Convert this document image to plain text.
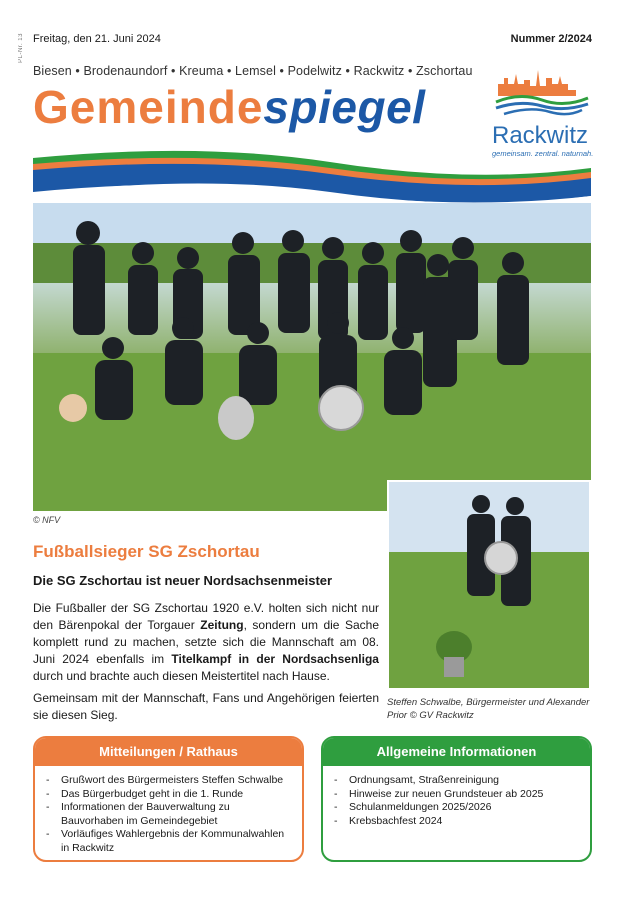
PL-Nr. 13 Freitag, den 21. Juni 2024	Nummer 2/2024
Biesen • Brodenaundorf • Kreuma • Lemsel • Podelwitz • Rackwitz • Zschortau
Gemeindespiegel
Rackwitz
gemeinsam. zentral. naturnah.
© NFV
Steffen Schwalbe, Bürgermeister und Alexander Prior © GV Rackwitz
Fußballsieger SG Zschortau
Die SG Zschortau ist neuer Nordsachsenmeister
Die Fußballer der SG Zschortau 1920 e.V. holten sich nicht nur den Bärenpokal der Torgauer Zeitung, sondern um die Sache komplett rund zu machen, setzte sich die Mannschaft am 08. Juni 2024 ebenfalls im Titelkampf in der Nordsachsenliga durch und brachte auch diesen Meistertitel nach Hause.
Gemeinsam mit der Mannschaft, Fans und Angehörigen feierten sie diesen Sieg.
Mitteilungen / Rathaus
- Grußwort des Bürgermeisters Steffen Schwalbe
- Das Bürgerbudget geht in die 1. Runde
- Informationen der Bauverwaltung zu Bauvorhaben im Gemeindegebiet
- Vorläufiges Wahlergebnis der Kommunalwahlen in Rackwitz
Allgemeine Informationen
- Ordnungsamt, Straßenreinigung
- Hinweise zur neuen Grundsteuer ab 2025
- Schulanmeldungen 2025/2026
- Krebsbachfest 2024
